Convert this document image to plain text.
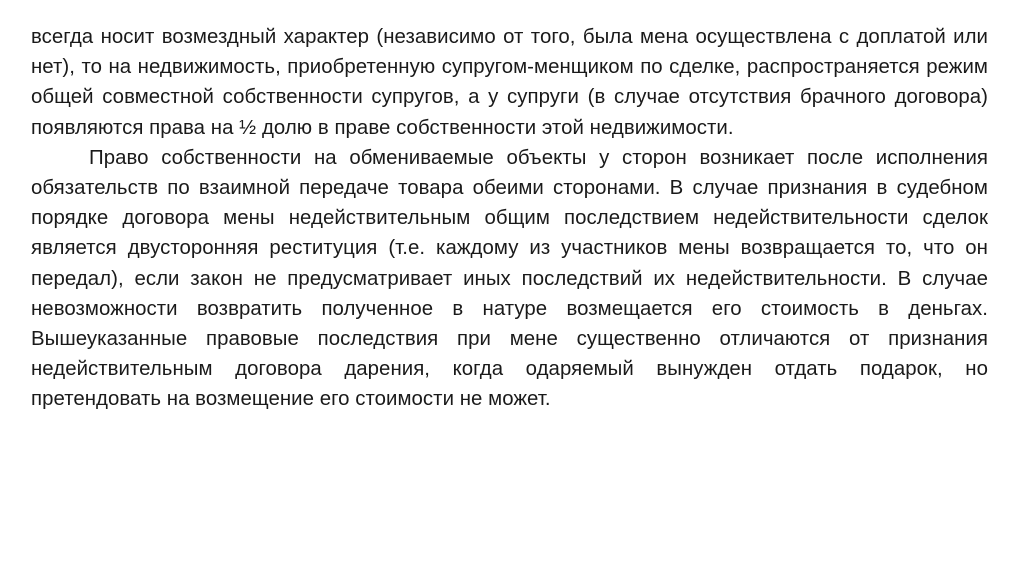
всегда носит возмездный характер (независимо от того, была мена осуществлена с доплатой или нет), то на недвижимость, приобретенную супругом-менщиком по сделке, распространяется режим общей совместной собственности супругов, а у супруги (в случае отсутствия брачного договора) появляются права на ½ долю в праве собственности этой недвижимости.

Право собственности на обмениваемые объекты у сторон возникает после исполнения обязательств по взаимной передаче товара обеими сторонами. В случае признания в судебном порядке договора мены недействительным общим последствием недействительности сделок является двусторонняя реституция (т.е. каждому из участников мены возвращается то, что он передал), если закон не предусматривает иных последствий их недействительности. В случае невозможности возвратить полученное в натуре возмещается его стоимость в деньгах. Вышеуказанные правовые последствия при мене существенно отличаются от признания недействительным договора дарения, когда одаряемый вынужден отдать подарок, но претендовать на возмещение его стоимости не может.
